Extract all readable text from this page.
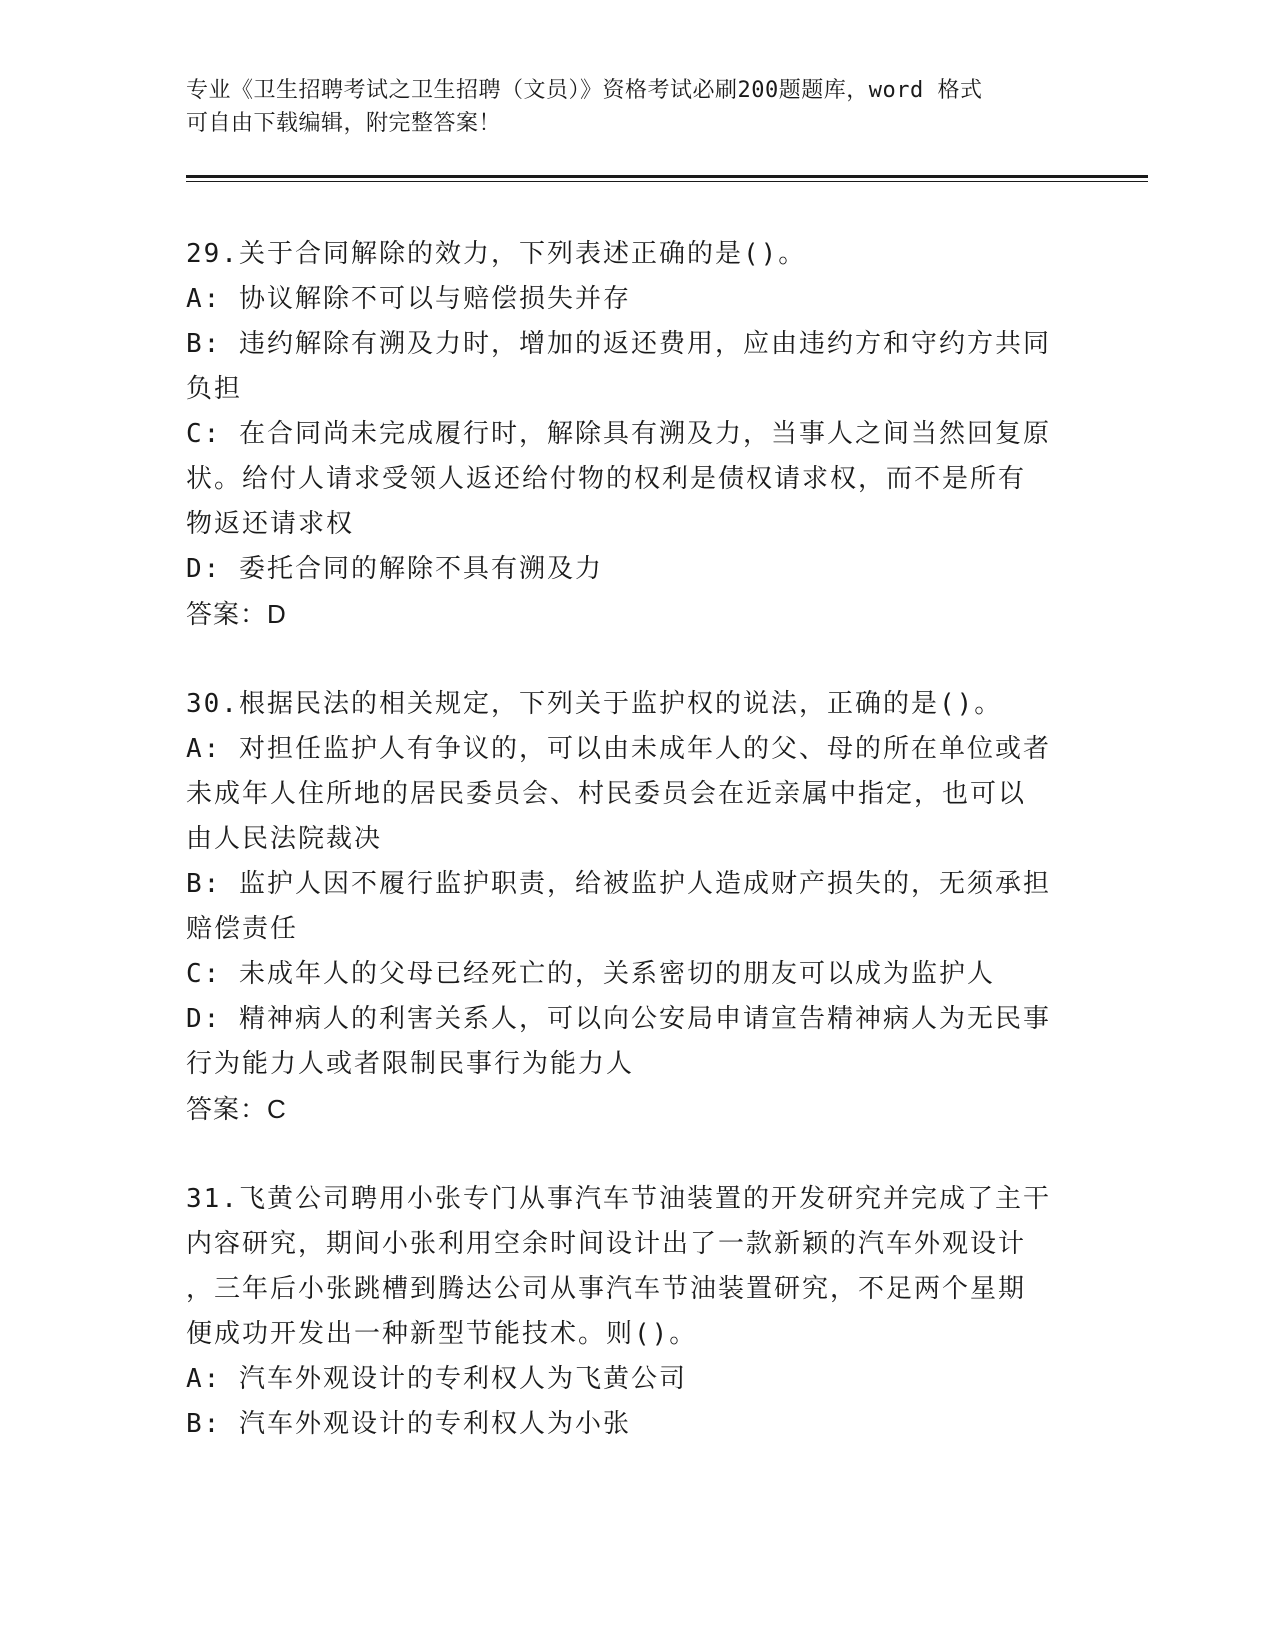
专业《卫生招聘考试之卫生招聘（文员）》资格考试必刷200题题库，word 格式

可自由下载编辑，附完整答案！

29.关于合同解除的效力，下列表述正确的是()。
A: 协议解除不可以与赔偿损失并存
B: 违约解除有溯及力时，增加的返还费用，应由违约方和守约方共同
负担
C: 在合同尚未完成履行时，解除具有溯及力，当事人之间当然回复原
状。给付人请求受领人返还给付物的权利是债权请求权，而不是所有
物返还请求权
D: 委托合同的解除不具有溯及力
答案：D
30.根据民法的相关规定，下列关于监护权的说法，正确的是()。
A: 对担任监护人有争议的，可以由未成年人的父、母的所在单位或者
未成年人住所地的居民委员会、村民委员会在近亲属中指定，也可以
由人民法院裁决
B: 监护人因不履行监护职责，给被监护人造成财产损失的，无须承担
赔偿责任
C: 未成年人的父母已经死亡的，关系密切的朋友可以成为监护人
D: 精神病人的利害关系人，可以向公安局申请宣告精神病人为无民事
行为能力人或者限制民事行为能力人
答案：C
31.飞黄公司聘用小张专门从事汽车节油装置的开发研究并完成了主干
内容研究，期间小张利用空余时间设计出了一款新颖的汽车外观设计
，三年后小张跳槽到腾达公司从事汽车节油装置研究，不足两个星期
便成功开发出一种新型节能技术。则()。
A: 汽车外观设计的专利权人为飞黄公司
B: 汽车外观设计的专利权人为小张
